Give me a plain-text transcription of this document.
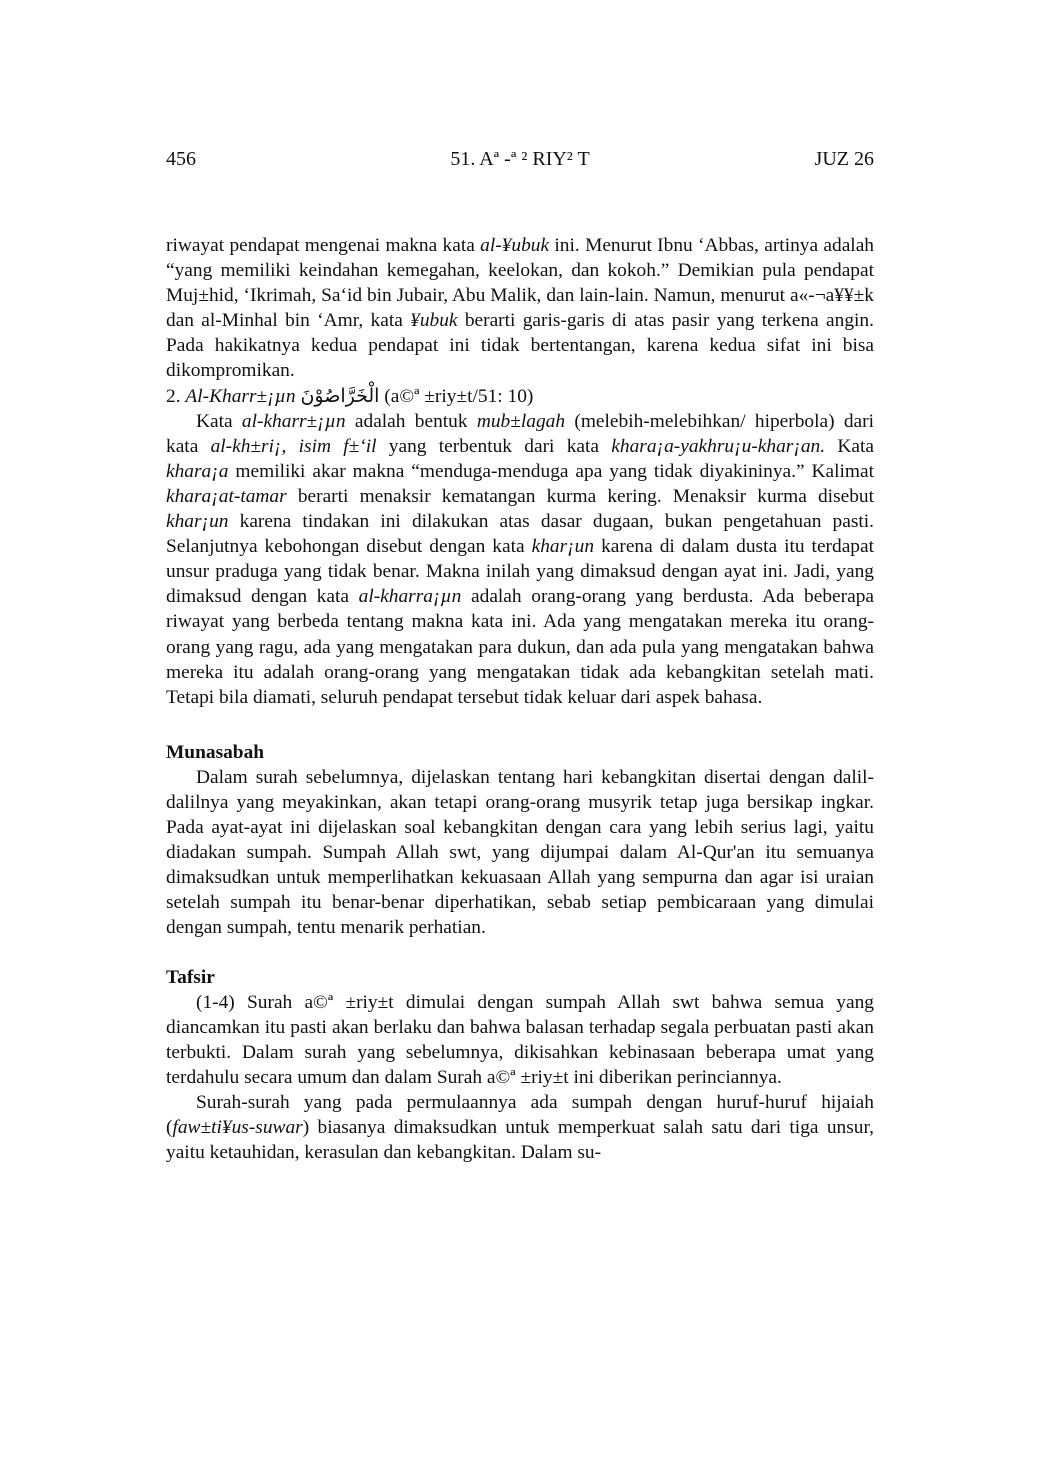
456	51. Aª -ª ² RIY² T	JUZ 26

riwayat pendapat mengenai makna kata al-¥ubuk ini. Menurut Ibnu ‘Abbas, artinya adalah “yang memiliki keindahan kemegahan, keelokan, dan kokoh.” Demikian pula pendapat Muj±hid, ‘Ikrimah, Sa‘id bin Jubair, Abu Malik, dan lain-lain. Namun, menurut a«-¬a¥¥±k dan al-Minhal bin ‘Amr, kata ¥ubuk berarti garis-garis di atas pasir yang terkena angin. Pada hakikatnya kedua pendapat ini tidak bertentangan, karena kedua sifat ini bisa dikompromikan.

2. Al-Kharr±¡µn الْخَرَّاصُوْنَ (a©ª ±riy±t/51: 10)

Kata al-kharr±¡µn adalah bentuk mub±lagah (melebih-melebihkan/ hiperbola) dari kata al-kh±ri¡, isim f±‘il yang terbentuk dari kata khara¡a-yakhru¡u-khar¡an. Kata khara¡a memiliki akar makna “menduga-menduga apa yang tidak diyakininya.” Kalimat khara¡at-tamar berarti menaksir kematangan kurma kering. Menaksir kurma disebut khar¡un karena tindakan ini dilakukan atas dasar dugaan, bukan pengetahuan pasti. Selanjutnya kebohongan disebut dengan kata khar¡un karena di dalam dusta itu terdapat unsur praduga yang tidak benar. Makna inilah yang dimaksud dengan ayat ini. Jadi, yang dimaksud dengan kata al-kharra¡µn adalah orang-orang yang berdusta. Ada beberapa riwayat yang berbeda tentang makna kata ini. Ada yang mengatakan mereka itu orang-orang yang ragu, ada yang mengatakan para dukun, dan ada pula yang mengatakan bahwa mereka itu adalah orang-orang yang mengatakan tidak ada kebangkitan setelah mati. Tetapi bila diamati, seluruh pendapat tersebut tidak keluar dari aspek bahasa.

Munasabah

Dalam surah sebelumnya, dijelaskan tentang hari kebangkitan disertai dengan dalil-dalilnya yang meyakinkan, akan tetapi orang-orang musyrik tetap juga bersikap ingkar. Pada ayat-ayat ini dijelaskan soal kebangkitan dengan cara yang lebih serius lagi, yaitu diadakan sumpah. Sumpah Allah swt, yang dijumpai dalam Al-Qur'an itu semuanya dimaksudkan untuk memperlihatkan kekuasaan Allah yang sempurna dan agar isi uraian setelah sumpah itu benar-benar diperhatikan, sebab setiap pembicaraan yang dimulai dengan sumpah, tentu menarik perhatian.

Tafsir

(1-4) Surah a©ª ±riy±t dimulai dengan sumpah Allah swt bahwa semua yang diancamkan itu pasti akan berlaku dan bahwa balasan terhadap segala perbuatan pasti akan terbukti. Dalam surah yang sebelumnya, dikisahkan kebinasaan beberapa umat yang terdahulu secara umum dan dalam Surah a©ª ±riy±t ini diberikan perinciannya.

Surah-surah yang pada permulaannya ada sumpah dengan huruf-huruf hijaiah (faw±ti¥us-suwar) biasanya dimaksudkan untuk memperkuat salah satu dari tiga unsur, yaitu ketauhidan, kerasulan dan kebangkitan. Dalam su-
